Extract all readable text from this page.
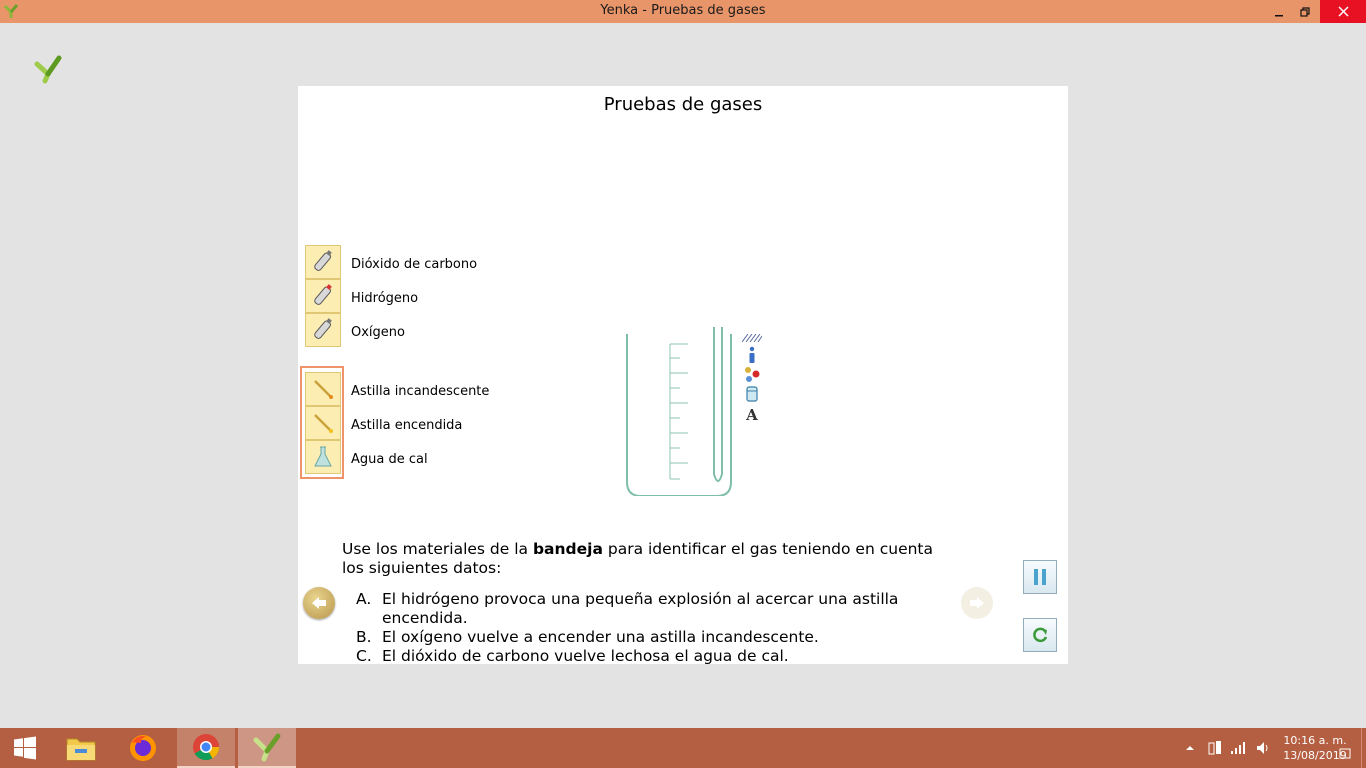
Yenka - Pruebas de gases
Pruebas de gases
Dióxido de carbono
Hidrógeno
Oxígeno
Astilla incandescente
Astilla encendida
Agua de cal
A
Use los materiales de la bandeja para identificar el gas teniendo en cuenta los siguientes datos:
A. El hidrógeno provoca una pequeña explosión al acercar una astilla encendida.
B. El oxígeno vuelve a encender una astilla incandescente.
C. El dióxido de carbono vuelve lechosa el agua de cal.
10:16 a. m.
13/08/2019
